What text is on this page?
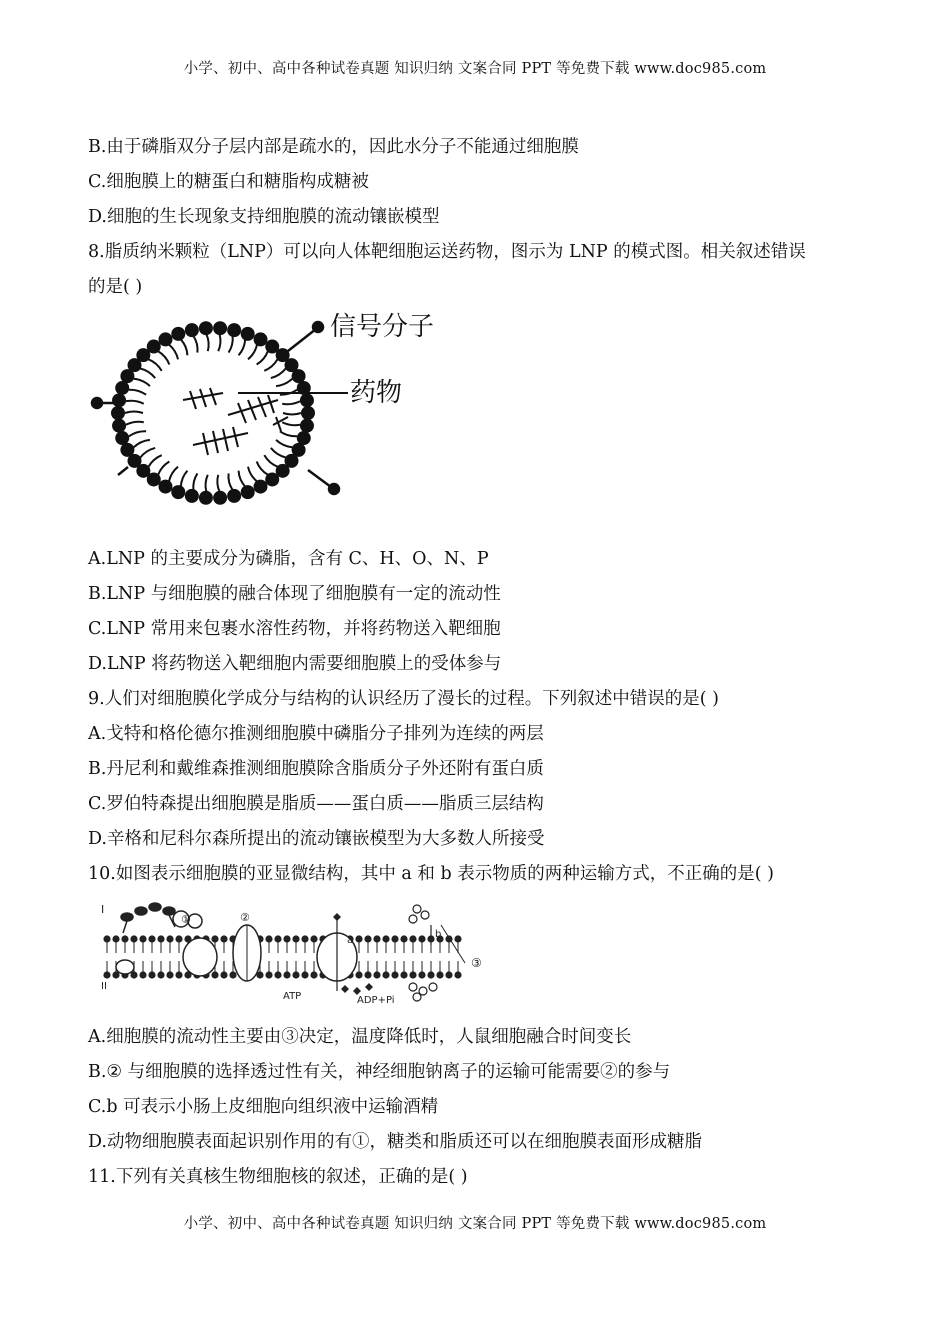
小学、初中、高中各种试卷真题 知识归纳 文案合同 PPT 等免费下载 www.doc985.com
B.由于磷脂双分子层内部是疏水的，因此水分子不能通过细胞膜
C.细胞膜上的糖蛋白和糖脂构成糖被
D.细胞的生长现象支持细胞膜的流动镶嵌模型
8.脂质纳米颗粒（LNP）可以向人体靶细胞运送药物，图示为 LNP 的模式图。相关叙述错误
的是( )
信号分子
药物
A.LNP 的主要成分为磷脂，含有 C、H、O、N、P
B.LNP 与细胞膜的融合体现了细胞膜有一定的流动性
C.LNP 常用来包裹水溶性药物，并将药物送入靶细胞
D.LNP 将药物送入靶细胞内需要细胞膜上的受体参与
9.人们对细胞膜化学成分与结构的认识经历了漫长的过程。下列叙述中错误的是( )
A.戈特和格伦德尔推测细胞膜中磷脂分子排列为连续的两层
B.丹尼利和戴维森推测细胞膜除含脂质分子外还附有蛋白质
C.罗伯特森提出细胞膜是脂质——蛋白质——脂质三层结构
D.辛格和尼科尔森所提出的流动镶嵌模型为大多数人所接受
10.如图表示细胞膜的亚显微结构，其中 a 和 b 表示物质的两种运输方式，不正确的是( )
I
II
①	②
③
a
b
ATP	ADP+Pi
A.细胞膜的流动性主要由③决定，温度降低时，人鼠细胞融合时间变长
B.② 与细胞膜的选择透过性有关，神经细胞钠离子的运输可能需要②的参与
C.b 可表示小肠上皮细胞向组织液中运输酒精
D.动物细胞膜表面起识别作用的有①，糖类和脂质还可以在细胞膜表面形成糖脂
11.下列有关真核生物细胞核的叙述，正确的是( )
小学、初中、高中各种试卷真题 知识归纳 文案合同 PPT 等免费下载 www.doc985.com
